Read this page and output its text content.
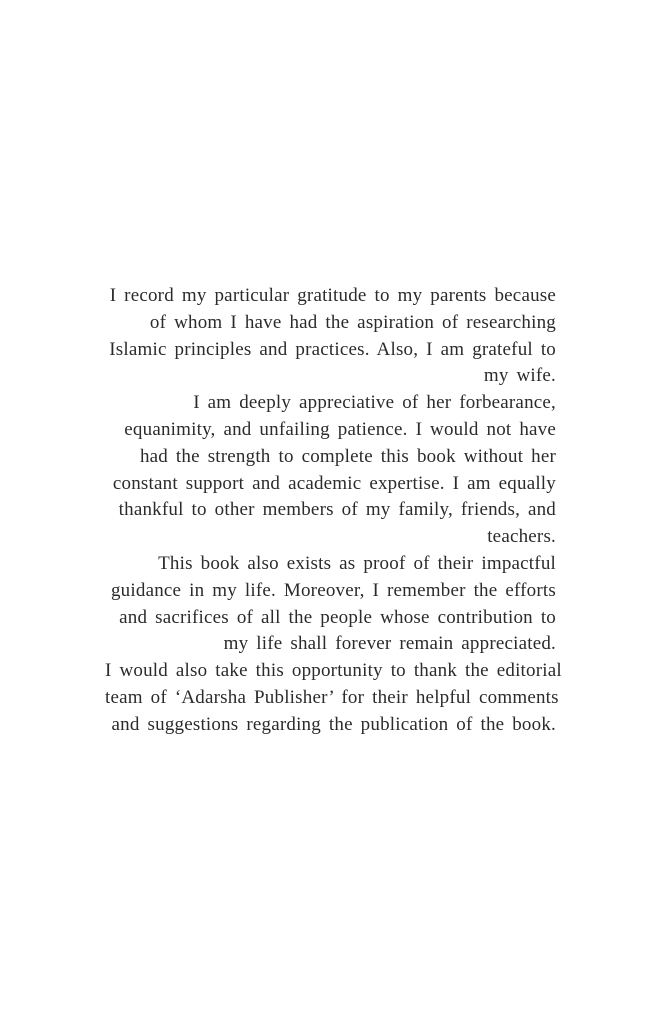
I record my particular gratitude to my parents because
of whom I have had the aspiration of researching
Islamic principles and practices. Also, I am grateful to
my wife.
I am deeply appreciative of her forbearance,
equanimity, and unfailing patience. I would not have
had the strength to complete this book without her
constant support and academic expertise. I am equally
thankful to other members of my family, friends, and
teachers.
This book also exists as proof of their impactful
guidance in my life. Moreover, I remember the efforts
and sacrifices of all the people whose contribution to
my life shall forever remain appreciated.
I would also take this opportunity to thank the editorial
team of ‘Adarsha Publisher’ for their helpful comments
and suggestions regarding the publication of the book.
